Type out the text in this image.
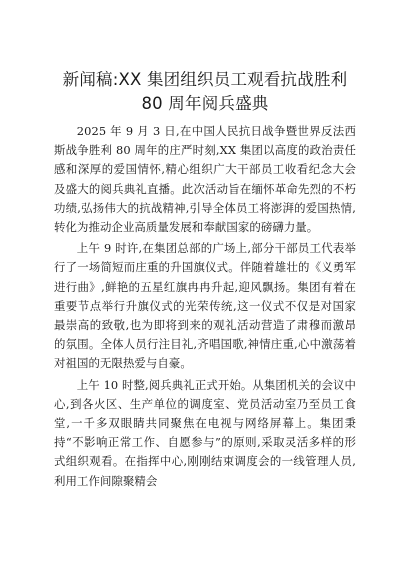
新闻稿:XX 集团组织员工观看抗战胜利 80 周年阅兵盛典

2025 年 9 月 3 日,在中国人民抗日战争暨世界反法西斯战争胜利 80 周年的庄严时刻,XX 集团以高度的政治责任感和深厚的爱国情怀,精心组织广大干部员工收看纪念大会及盛大的阅兵典礼直播。此次活动旨在缅怀革命先烈的不朽功绩,弘扬伟大的抗战精神,引导全体员工将澎湃的爱国热情,转化为推动企业高质量发展和奉献国家的磅礴力量。

上午 9 时许,在集团总部的广场上,部分干部员工代表举行了一场简短而庄重的升国旗仪式。伴随着雄壮的《义勇军进行曲》,鲜艳的五星红旗冉冉升起,迎风飘扬。集团有着在重要节点举行升旗仪式的光荣传统,这一仪式不仅是对国家最崇高的致敬,也为即将到来的观礼活动营造了肃穆而激昂的氛围。全体人员行注目礼,齐唱国歌,神情庄重,心中激荡着对祖国的无限热爱与自豪。

上午 10 时整,阅兵典礼正式开始。从集团机关的会议中心,到各火区、生产单位的调度室、党员活动室乃至员工食堂,一千多双眼睛共同聚焦在电视与网络屏幕上。集团秉持“不影响正常工作、自愿参与”的原则,采取灵活多样的形式组织观看。在指挥中心,刚刚结束调度会的一线管理人员,利用工作间隙聚精会
